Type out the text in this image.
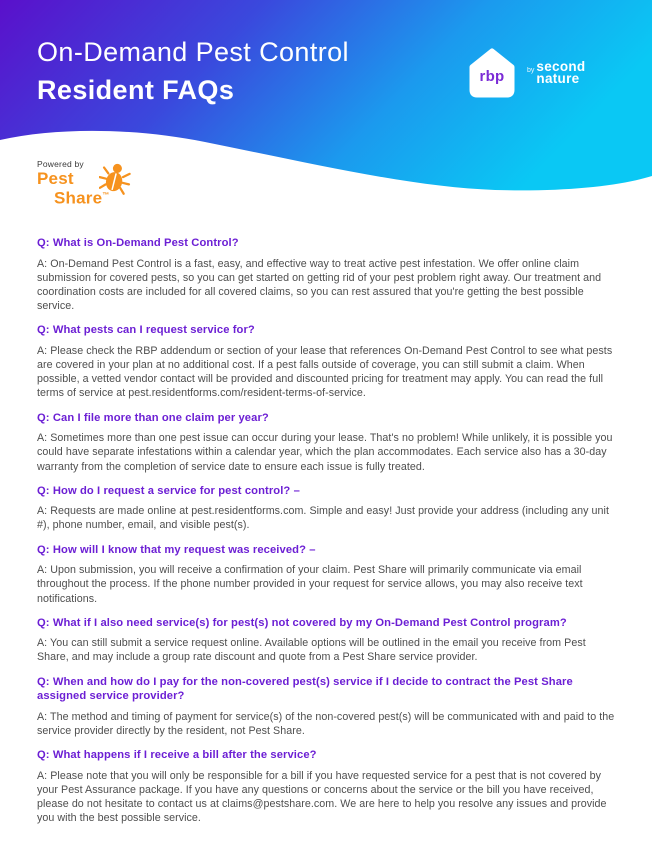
On-Demand Pest Control
Resident FAQs	rbp	by second
nature
Powered by
Pest
Share™
Q: What is On-Demand Pest Control?

A: On-Demand Pest Control is a fast, easy, and effective way to treat active pest infestation. We offer online claim submission for covered pests, so you can get started on getting rid of your pest problem right away. Our treatment and coordination costs are included for all covered claims, so you can rest assured that you're getting the best possible service.

Q: What pests can I request service for?

A: Please check the RBP addendum or section of your lease that references On-Demand Pest Control to see what pests are covered in your plan at no additional cost. If a pest falls outside of coverage, you can still submit a claim. When possible, a vetted vendor contact will be provided and discounted pricing for treatment may apply. You can read the full terms of service at pest.residentforms.com/resident-terms-of-service.

Q: Can I file more than one claim per year?

A: Sometimes more than one pest issue can occur during your lease. That's no problem! While unlikely, it is possible you could have separate infestations within a calendar year, which the plan accommodates. Each service also has a 30-day warranty from the completion of service date to ensure each issue is fully treated.

Q: How do I request a service for pest control? –

A: Requests are made online at pest.residentforms.com. Simple and easy! Just provide your address (including any unit #), phone number, email, and visible pest(s).

Q: How will I know that my request was received? –

A: Upon submission, you will receive a confirmation of your claim. Pest Share will primarily communicate via email throughout the process. If the phone number provided in your request for service allows, you may also receive text notifications.

Q: What if I also need service(s) for pest(s) not covered by my On-Demand Pest Control program?

A: You can still submit a service request online. Available options will be outlined in the email you receive from Pest Share, and may include a group rate discount and quote from a Pest Share service provider.

Q: When and how do I pay for the non-covered pest(s) service if I decide to contract the Pest Share assigned service provider?

A: The method and timing of payment for service(s) of the non-covered pest(s) will be communicated with and paid to the service provider directly by the resident, not Pest Share.

Q: What happens if I receive a bill after the service?

A: Please note that you will only be responsible for a bill if you have requested service for a pest that is not covered by your Pest Assurance package. If you have any questions or concerns about the service or the bill you have received, please do not hesitate to contact us at claims@pestshare.com. We are here to help you resolve any issues and provide you with the best possible service.
